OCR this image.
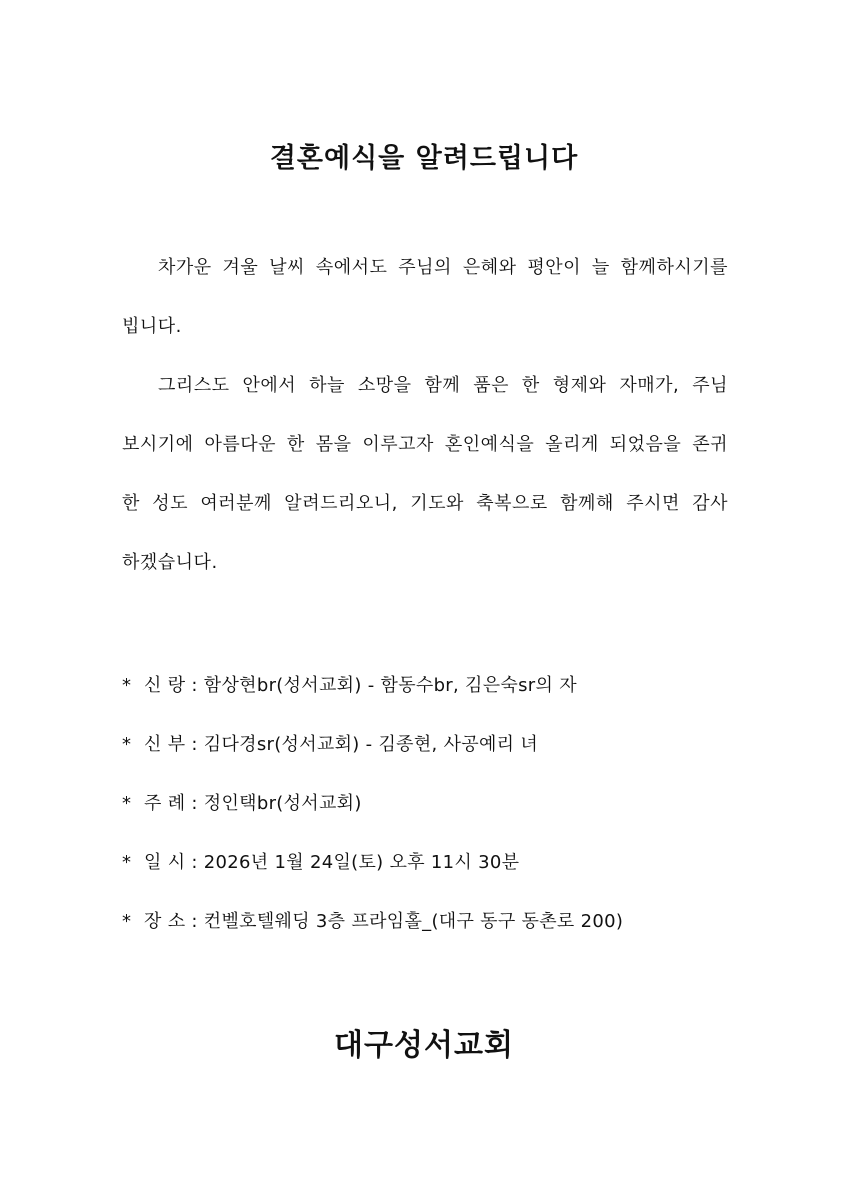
결혼예식을 알려드립니다

차가운 겨울 날씨 속에서도 주님의 은혜와 평안이 늘 함께하시기를 빕니다.

그리스도 안에서 하늘 소망을 함께 품은 한 형제와 자매가, 주님 보시기에 아름다운 한 몸을 이루고자 혼인예식을 올리게 되었음을 존귀한 성도 여러분께 알려드리오니, 기도와 축복으로 함께해 주시면 감사하겠습니다.

* 신 랑 : 함상현br(성서교회) - 함동수br, 김은숙sr의 자
* 신 부 : 김다경sr(성서교회) - 김종현, 사공예리 녀
* 주 례 : 정인택br(성서교회)
* 일 시 : 2026년 1월 24일(토) 오후 11시 30분
* 장 소 : 컨벨호텔웨딩 3층 프라임홀_(대구 동구 동촌로 200)
대구성서교회
